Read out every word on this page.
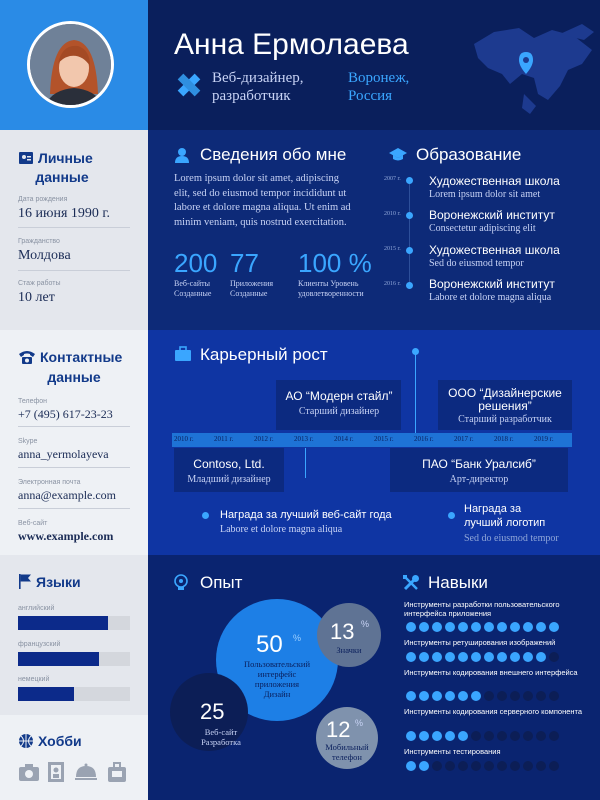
Личные
данные
Дата рождения
16 июня 1990 г.
Гражданство
Молдова
Стаж работы
10 лет
Контактные
данные
Телефон
+7 (495) 617-23-23
Skype
anna_yermolayeva
Электронная почта
anna@example.com
Веб-сайт
www.example.com
Языки
английский
французский
немецкий
Хобби
Анна Ермолаева
Веб-дизайнер,
разработчик
Воронеж,
Россия
Сведения обо мне
Lorem ipsum dolor sit amet, adipiscing elit, sed do eiusmod tempor incididunt ut labore et dolore magna aliqua. Ut enim ad minim veniam, quis nostrud exercitation.
200
Веб-сайты
Созданные
77
Приложения
Созданные
100 %
Клиенты Уровень
удовлетворенности
Образование
2007 г. Художественная школа
Lorem ipsum dolor sit amet
2010 г. Воронежский институт
Consectetur adipiscing elit
2015 г. Художественная школа
Sed do eiusmod tempor
2016 г. Воронежский институт
Labore et dolore magna aliqua
Карьерный рост
АО “Модерн стайл”
Старший дизайнер
ООО “Дизайнерские
решения”
Старший разработчик
2010 г.	2011 г.	2012 г.	2013 г.	2014 г.	2015 г.	2016 г.	2017 г.	2018 г.	2019 г.
Contoso, Ltd.
Младший дизайнер
ПАО “Банк Уралсиб”
Арт-директор
Награда за лучший веб-сайт года
Labore et dolore magna aliqua
Награда за
лучший логотип
Sed do eiusmod tempor
Опыт
50 %
Пользовательский интерфейс приложения Дизайн
25
Веб-сайт Разработка
13 %
Значки
12 %
Мобильный телефон
Навыки
Инструменты разработки пользовательского интерфейса приложения
Инструменты ретуширования изображений
Инструменты кодирования внешнего интерфейса
Инструменты кодирования серверного компонента
Инструменты тестирования
